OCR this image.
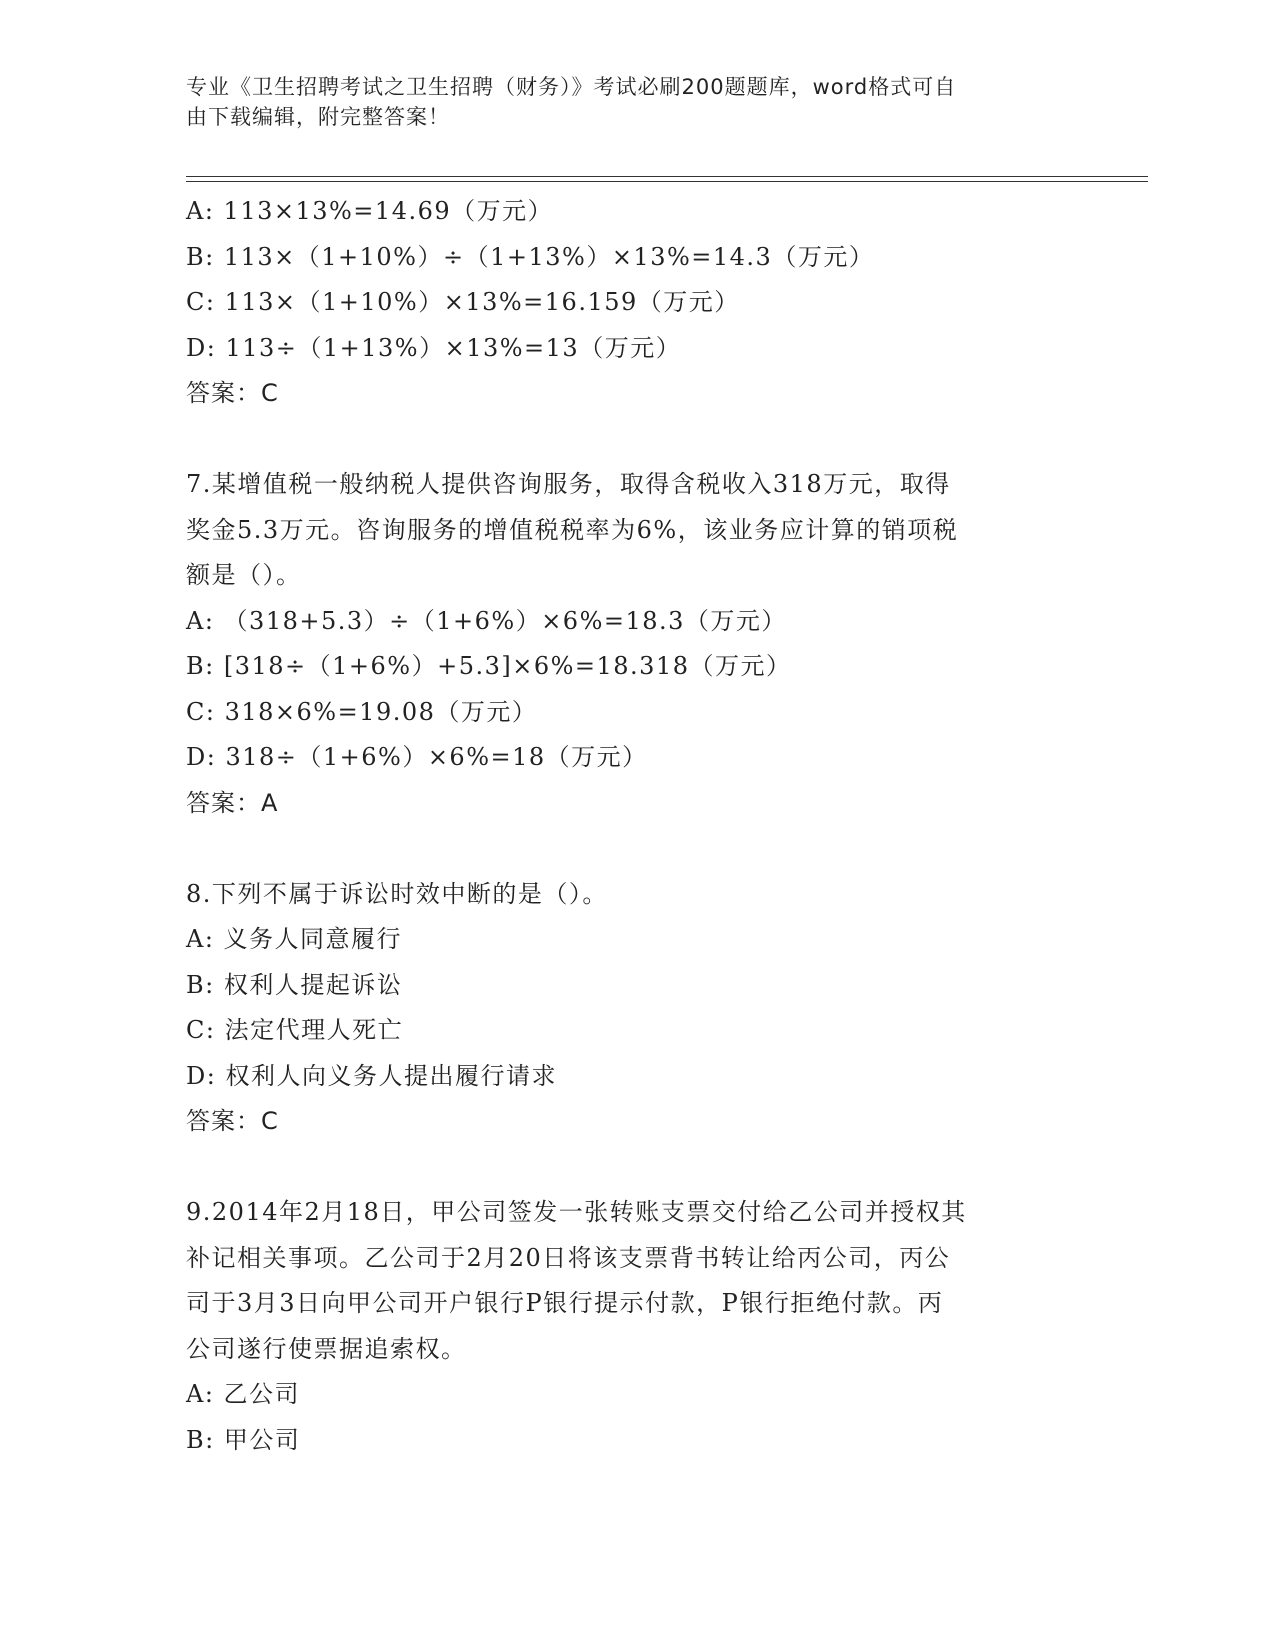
专业《卫生招聘考试之卫生招聘（财务）》考试必刷200题题库，word格式可自
由下载编辑，附完整答案！
A: 113×13%=14.69（万元）
B: 113×（1+10%）÷（1+13%）×13%=14.3（万元）
C: 113×（1+10%）×13%=16.159（万元）
D: 113÷（1+13%）×13%=13（万元）
答案：C
7.某增值税一般纳税人提供咨询服务，取得含税收入318万元，取得
奖金5.3万元。咨询服务的增值税税率为6%，该业务应计算的销项税
额是（）。
A: （318+5.3）÷（1+6%）×6%=18.3（万元）
B: [318÷（1+6%）+5.3]×6%=18.318（万元）
C: 318×6%=19.08（万元）
D: 318÷（1+6%）×6%=18（万元）
答案：A
8.下列不属于诉讼时效中断的是（）。
A: 义务人同意履行
B: 权利人提起诉讼
C: 法定代理人死亡
D: 权利人向义务人提出履行请求
答案：C
9.2014年2月18日，甲公司签发一张转账支票交付给乙公司并授权其
补记相关事项。乙公司于2月20日将该支票背书转让给丙公司，丙公
司于3月3日向甲公司开户银行P银行提示付款，P银行拒绝付款。丙
公司遂行使票据追索权。
A: 乙公司
B: 甲公司
